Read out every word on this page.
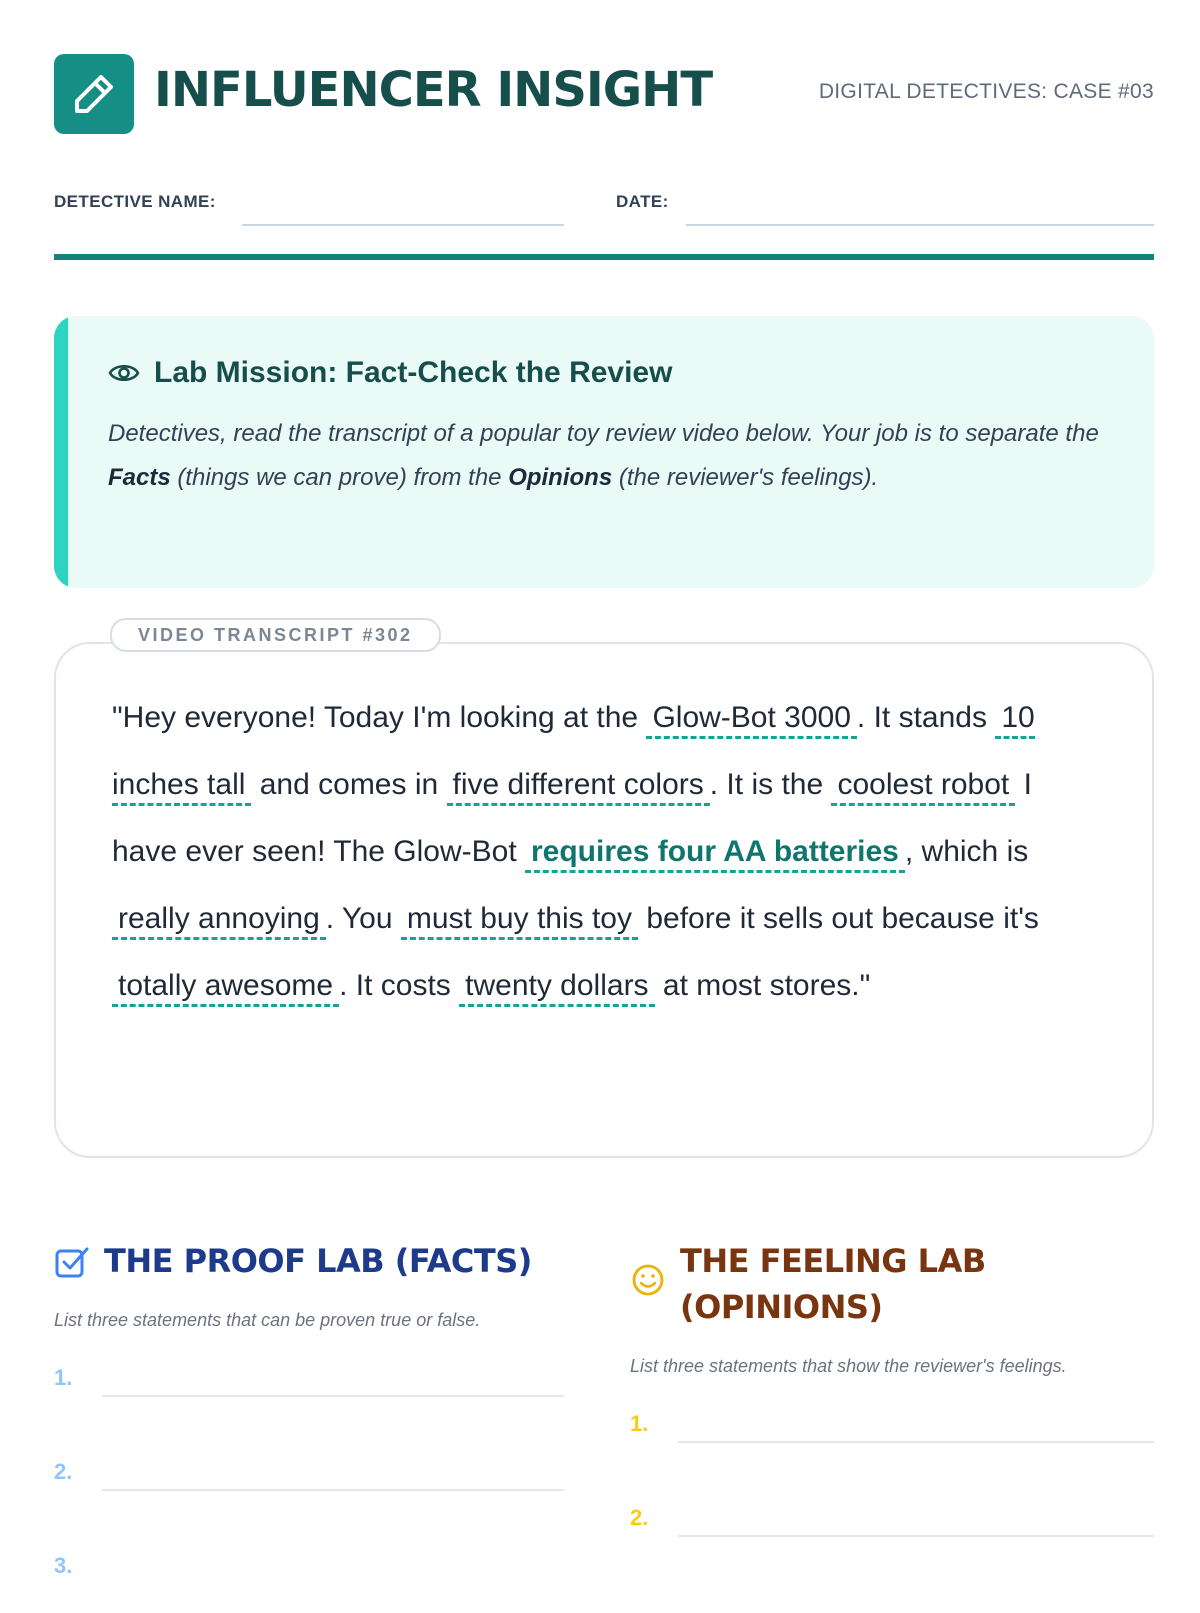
INFLUENCER INSIGHT	DIGITAL DETECTIVES: CASE #03
DETECTIVE NAME:	DATE:
Lab Mission: Fact-Check the Review
Detectives, read the transcript of a popular toy review video below. Your job is to separate the Facts (things we can prove) from the Opinions (the reviewer's feelings).
VIDEO TRANSCRIPT #302
"Hey everyone! Today I'm looking at the Glow-Bot 3000 . It stands 10 inches tall and comes in five different colors . It is the coolest robot I have ever seen! The Glow-Bot requires four AA batteries , which is really annoying . You must buy this toy before it sells out because it's totally awesome . It costs twenty dollars at most stores."
THE PROOF LAB (FACTS)
List three statements that can be proven true or false.
1.
2.
3.
THE FEELING LAB (OPINIONS)
List three statements that show the reviewer's feelings.
1.
2.
